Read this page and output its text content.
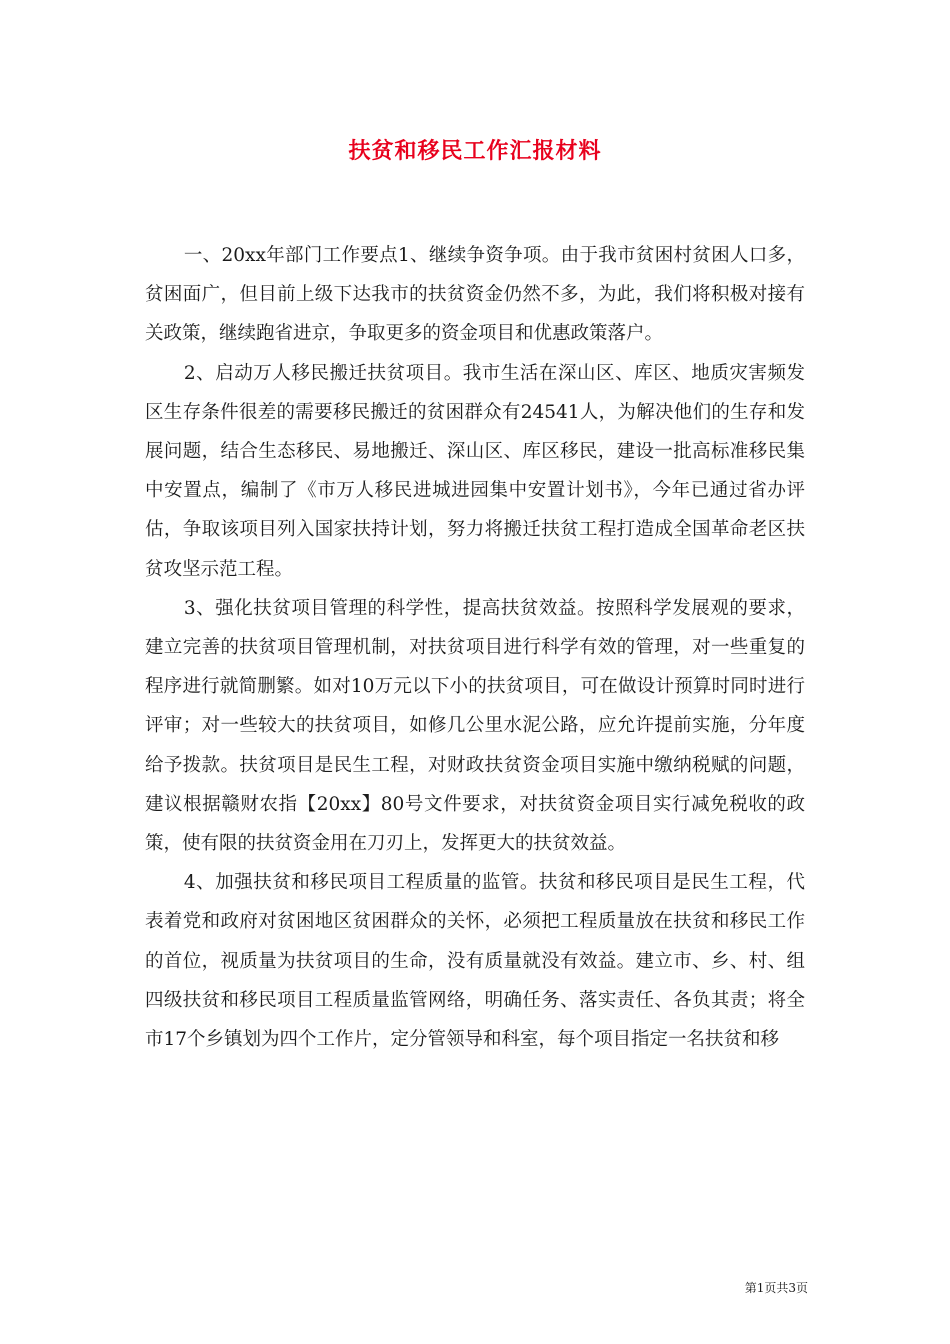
扶贫和移民工作汇报材料

一、20xx年部门工作要点1、继续争资争项。由于我市贫困村贫困人口多，贫困面广，但目前上级下达我市的扶贫资金仍然不多，为此，我们将积极对接有关政策，继续跑省进京，争取更多的资金项目和优惠政策落户。

2、启动万人移民搬迁扶贫项目。我市生活在深山区、库区、地质灾害频发区生存条件很差的需要移民搬迁的贫困群众有24541人，为解决他们的生存和发展问题，结合生态移民、易地搬迁、深山区、库区移民，建设一批高标准移民集中安置点，编制了《市万人移民进城进园集中安置计划书》，今年已通过省办评估，争取该项目列入国家扶持计划，努力将搬迁扶贫工程打造成全国革命老区扶贫攻坚示范工程。

3、强化扶贫项目管理的科学性，提高扶贫效益。按照科学发展观的要求，建立完善的扶贫项目管理机制，对扶贫项目进行科学有效的管理，对一些重复的程序进行就简删繁。如对10万元以下小的扶贫项目，可在做设计预算时同时进行评审；对一些较大的扶贫项目，如修几公里水泥公路，应允许提前实施，分年度给予拨款。扶贫项目是民生工程，对财政扶贫资金项目实施中缴纳税赋的问题，建议根据赣财农指【20xx】80号文件要求，对扶贫资金项目实行减免税收的政策，使有限的扶贫资金用在刀刃上，发挥更大的扶贫效益。

4、加强扶贫和移民项目工程质量的监管。扶贫和移民项目是民生工程，代表着党和政府对贫困地区贫困群众的关怀，必须把工程质量放在扶贫和移民工作的首位，视质量为扶贫项目的生命，没有质量就没有效益。建立市、乡、村、组四级扶贫和移民项目工程质量监管网络，明确任务、落实责任、各负其责；将全市17个乡镇划为四个工作片，定分管领导和科室，每个项目指定一名扶贫和移

第1页共3页
